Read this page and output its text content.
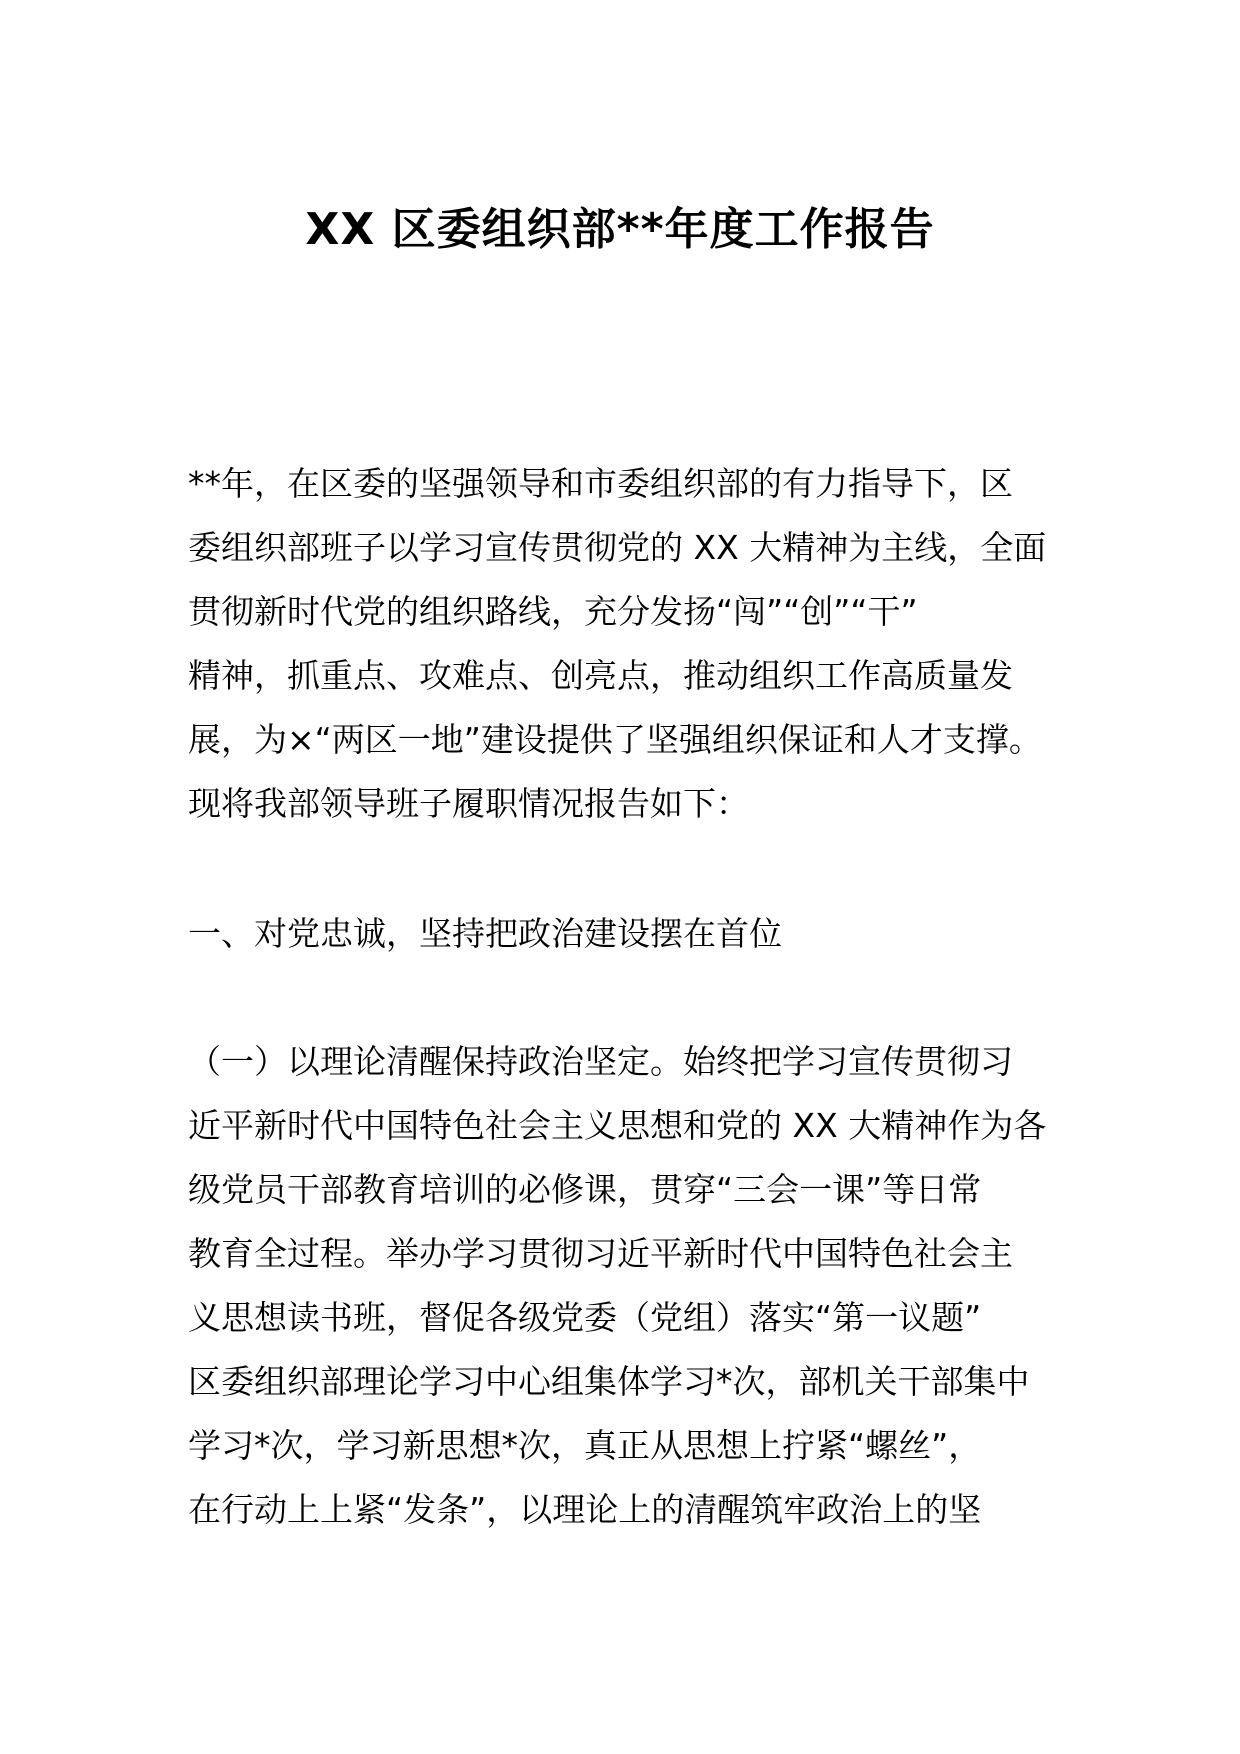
XX 区委组织部**年度工作报告
**年，在区委的坚强领导和市委组织部的有力指导下，区
委组织部班子以学习宣传贯彻党的 XX 大精神为主线，全面
贯彻新时代党的组织路线，充分发扬“闯”“创”“干”
精神，抓重点、攻难点、创亮点，推动组织工作高质量发
展，为×“两区一地”建设提供了坚强组织保证和人才支撑。
现将我部领导班子履职情况报告如下：
一、对党忠诚，坚持把政治建设摆在首位
（一）以理论清醒保持政治坚定。始终把学习宣传贯彻习
近平新时代中国特色社会主义思想和党的 XX 大精神作为各
级党员干部教育培训的必修课，贯穿“三会一课”等日常
教育全过程。举办学习贯彻习近平新时代中国特色社会主
义思想读书班，督促各级党委（党组）落实“第一议题”
区委组织部理论学习中心组集体学习*次，部机关干部集中
学习*次，学习新思想*次，真正从思想上拧紧“螺丝”，
在行动上上紧“发条”，以理论上的清醒筑牢政治上的坚
